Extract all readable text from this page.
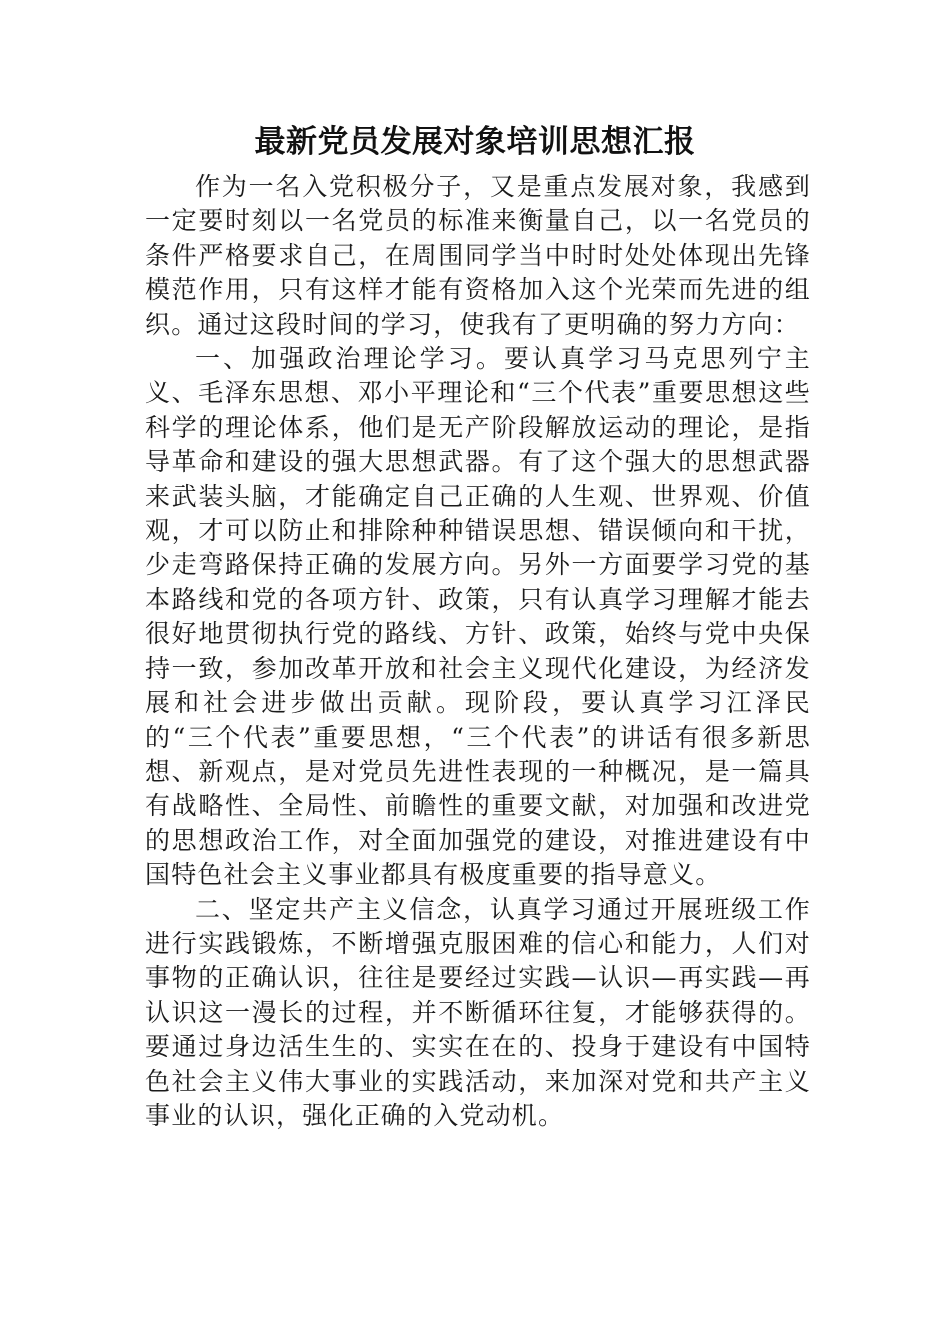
最新党员发展对象培训思想汇报

作为一名入党积极分子，又是重点发展对象，我感到一定要时刻以一名党员的标准来衡量自己，以一名党员的条件严格要求自己，在周围同学当中时时处处体现出先锋模范作用，只有这样才能有资格加入这个光荣而先进的组织。通过这段时间的学习，使我有了更明确的努力方向：

一、加强政治理论学习。要认真学习马克思列宁主义、毛泽东思想、邓小平理论和“三个代表”重要思想这些科学的理论体系，他们是无产阶段解放运动的理论，是指导革命和建设的强大思想武器。有了这个强大的思想武器来武装头脑，才能确定自己正确的人生观、世界观、价值观，才可以防止和排除种种错误思想、错误倾向和干扰，少走弯路保持正确的发展方向。另外一方面要学习党的基本路线和党的各项方针、政策，只有认真学习理解才能去很好地贯彻执行党的路线、方针、政策，始终与党中央保持一致，参加改革开放和社会主义现代化建设，为经济发展和社会进步做出贡献。现阶段，要认真学习江泽民的“三个代表”重要思想，“三个代表”的讲话有很多新思想、新观点，是对党员先进性表现的一种概况，是一篇具有战略性、全局性、前瞻性的重要文献，对加强和改进党的思想政治工作，对全面加强党的建设，对推进建设有中国特色社会主义事业都具有极度重要的指导意义。

二、坚定共产主义信念，认真学习通过开展班级工作进行实践锻炼，不断增强克服困难的信心和能力，人们对事物的正确认识，往往是要经过实践—认识—再实践—再认识这一漫长的过程，并不断循环往复，才能够获得的。要通过身边活生生的、实实在在的、投身于建设有中国特色社会主义伟大事业的实践活动，来加深对党和共产主义事业的认识，强化正确的入党动机。
